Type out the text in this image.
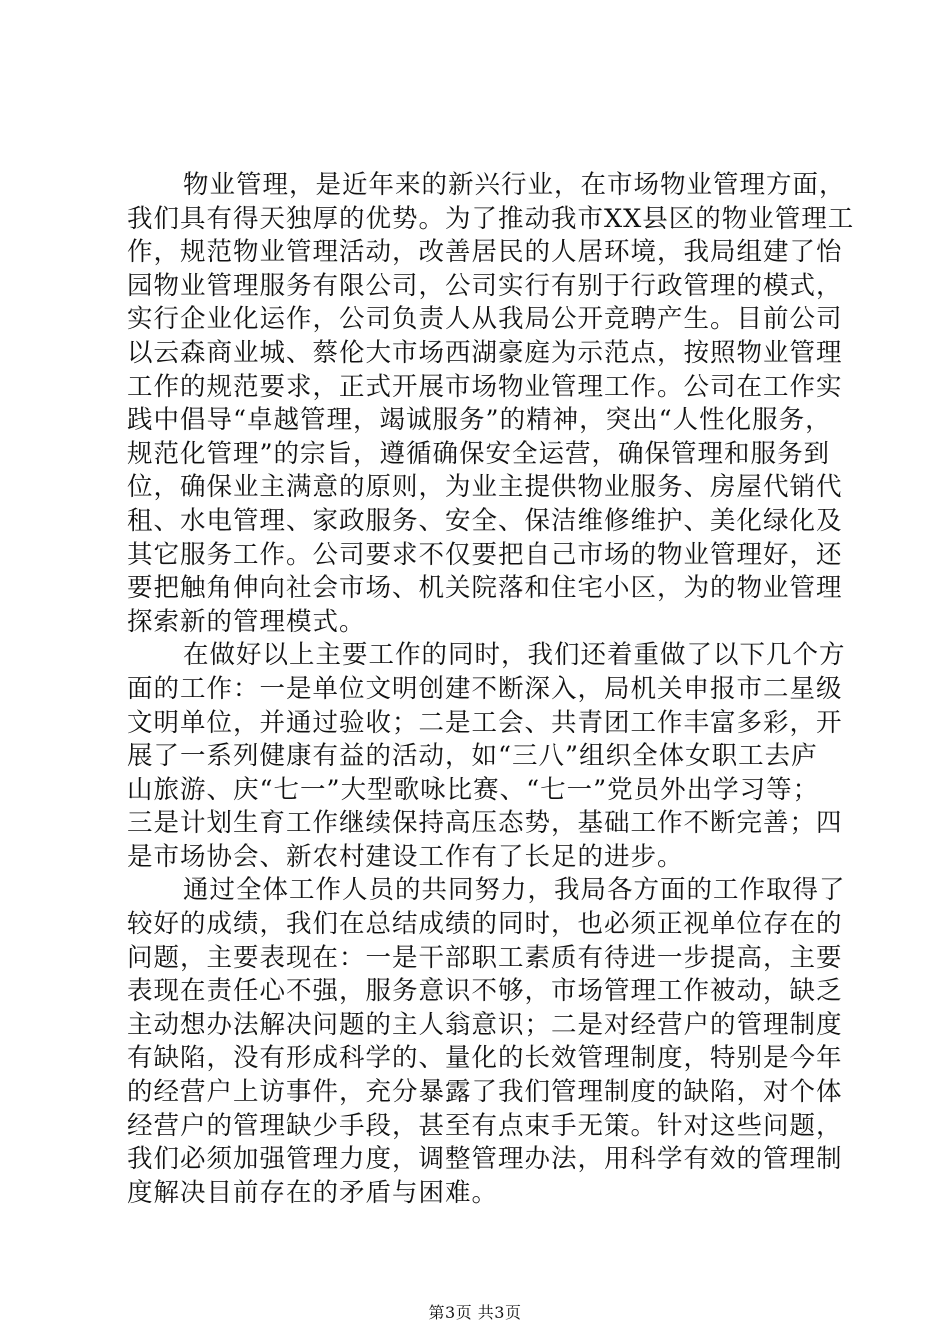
物业管理，是近年来的新兴行业，在市场物业管理方面，
我们具有得天独厚的优势。为了推动我市XX县区的物业管理工
作，规范物业管理活动，改善居民的人居环境，我局组建了怡
园物业管理服务有限公司，公司实行有别于行政管理的模式，
实行企业化运作，公司负责人从我局公开竞聘产生。目前公司
以云森商业城、蔡伦大市场西湖豪庭为示范点，按照物业管理
工作的规范要求，正式开展市场物业管理工作。公司在工作实
践中倡导“卓越管理，竭诚服务”的精神，突出“人性化服务，
规范化管理”的宗旨，遵循确保安全运营，确保管理和服务到
位，确保业主满意的原则，为业主提供物业服务、房屋代销代
租、水电管理、家政服务、安全、保洁维修维护、美化绿化及
其它服务工作。公司要求不仅要把自己市场的物业管理好，还
要把触角伸向社会市场、机关院落和住宅小区，为的物业管理
探索新的管理模式。

在做好以上主要工作的同时，我们还着重做了以下几个方
面的工作：一是单位文明创建不断深入，局机关申报市二星级
文明单位，并通过验收；二是工会、共青团工作丰富多彩，开
展了一系列健康有益的活动，如“三八”组织全体女职工去庐
山旅游、庆“七一”大型歌咏比赛、“七一”党员外出学习等；
三是计划生育工作继续保持高压态势，基础工作不断完善；四
是市场协会、新农村建设工作有了长足的进步。

通过全体工作人员的共同努力，我局各方面的工作取得了
较好的成绩，我们在总结成绩的同时，也必须正视单位存在的
问题，主要表现在：一是干部职工素质有待进一步提高，主要
表现在责任心不强，服务意识不够，市场管理工作被动，缺乏
主动想办法解决问题的主人翁意识；二是对经营户的管理制度
有缺陷，没有形成科学的、量化的长效管理制度，特别是今年
的经营户上访事件，充分暴露了我们管理制度的缺陷，对个体
经营户的管理缺少手段，甚至有点束手无策。针对这些问题，
我们必须加强管理力度，调整管理办法，用科学有效的管理制
度解决目前存在的矛盾与困难。

第3页 共3页
